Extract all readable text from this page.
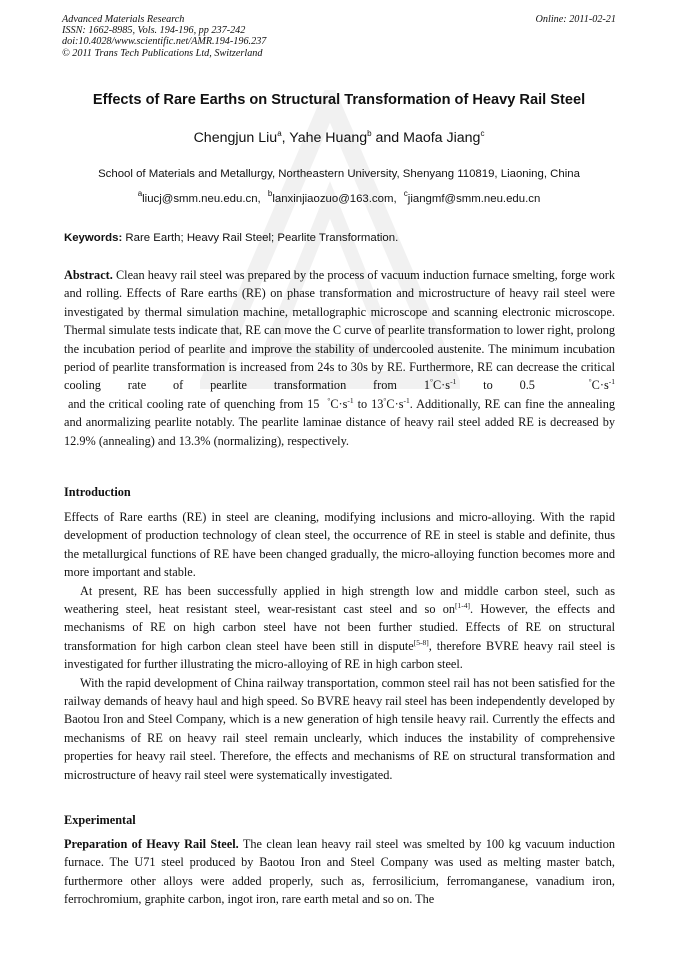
Advanced Materials Research
ISSN: 1662-8985, Vols. 194-196, pp 237-242
doi:10.4028/www.scientific.net/AMR.194-196.237
© 2011 Trans Tech Publications Ltd, Switzerland
Online: 2011-02-21
Effects of Rare Earths on Structural Transformation of Heavy Rail Steel
Chengjun Liu$^a$, Yahe Huang$^b$ and Maofa Jiang$^c$
School of Materials and Metallurgy, Northeastern University, Shenyang 110819, Liaoning, China
$^a$liucj@smm.neu.edu.cn, $^b$lanxinjiaozuo@163.com, $^c$jiangmf@smm.neu.edu.cn
Keywords: Rare Earth; Heavy Rail Steel; Pearlite Transformation.

Abstract. Clean heavy rail steel was prepared by the process of vacuum induction furnace smelting, forge work and rolling. Effects of Rare earths (RE) on phase transformation and microstructure of heavy rail steel were investigated by thermal simulation machine, metallographic microscope and scanning electronic microscope. Thermal simulate tests indicate that, RE can move the C curve of pearlite transformation to lower right, prolong the incubation period of pearlite and improve the stability of undercooled austenite. The minimum incubation period of pearlite transformation is increased from 24s to 30s by RE. Furthermore, RE can decrease the critical cooling rate of pearlite transformation from $1^\circ C\cdot s^{-1}$ to 0.5  $^\circ C\cdot s^{-1}$ and the critical cooling rate of quenching from 15  $^\circ C\cdot s^{-1}$ to $13^\circ C\cdot s^{-1}$. Additionally, RE can fine the annealing and anormalizing pearlite notably. The pearlite laminae distance of heavy rail steel added RE is decreased by 12.9% (annealing) and 13.3% (normalizing), respectively.

Introduction

Effects of Rare earths (RE) in steel are cleaning, modifying inclusions and micro-alloying. With the rapid development of production technology of clean steel, the occurrence of RE in steel is stable and definite, thus the metallurgical functions of RE have been changed gradually, the micro-alloying function becomes more and more important and stable.

At present, RE has been successfully applied in high strength low and middle carbon steel, such as weathering steel, heat resistant steel, wear-resistant cast steel and so on[1-4]. However, the effects and mechanisms of RE on high carbon steel have not been further studied. Effects of RE on structural transformation for high carbon clean steel have been still in dispute[5-8], therefore BVRE heavy rail steel is investigated for further illustrating the micro-alloying of RE in high carbon steel.

With the rapid development of China railway transportation, common steel rail has not been satisfied for the railway demands of heavy haul and high speed. So BVRE heavy rail steel has been independently developed by Baotou Iron and Steel Company, which is a new generation of high tensile heavy rail. Currently the effects and mechanisms of RE on heavy rail steel remain unclearly, which induces the instability of comprehensive properties for heavy rail steel. Therefore, the effects and mechanisms of RE on structural transformation and microstructure of heavy rail steel were systematically investigated.

Experimental

Preparation of Heavy Rail Steel. The clean lean heavy rail steel was smelted by 100 kg vacuum induction furnace. The U71 steel produced by Baotou Iron and Steel Company was used as melting master batch, furthermore other alloys were added properly, such as, ferrosilicium, ferromanganese, vanadium iron, ferrochromium, graphite carbon, ingot iron, rare earth metal and so on. The
